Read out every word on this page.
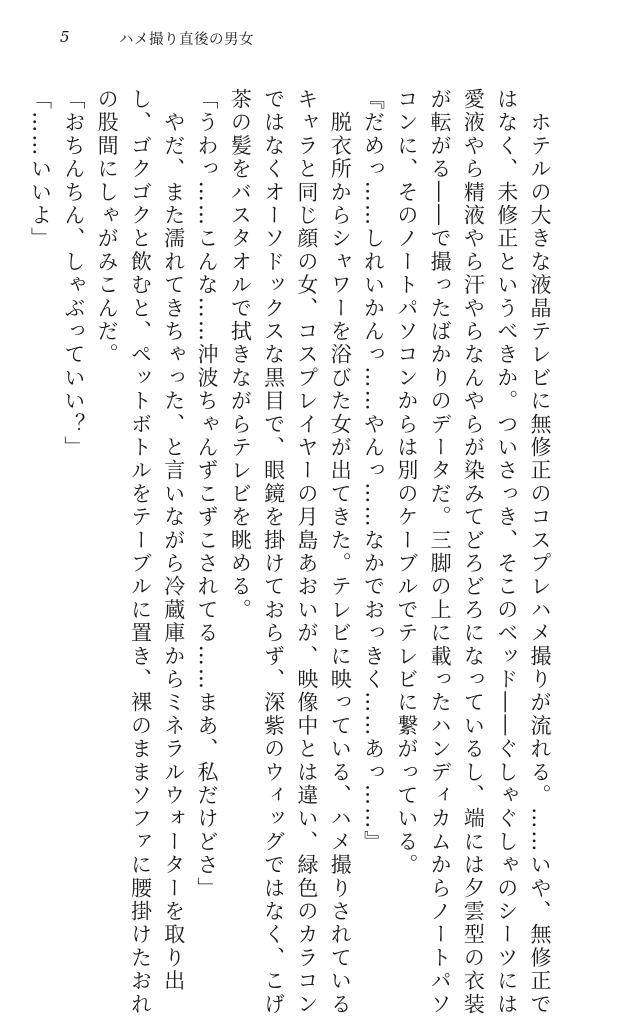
5	ハメ撮り直後の男女

　ホテルの大きな液晶テレビに無修正のコスプレハメ撮りが流れる。……いや、無修正で

はなく、未修正というべきか。ついさっき、そこのベッド――ぐしゃぐしゃのシーツには

愛液やら精液やら汗やらなんやらが染みてどろどろになっているし、端には夕雲型の衣装

が転がる――で撮ったばかりのデータだ。三脚の上に載ったハンディカムからノートパソ

コンに、そのノートパソコンからは別のケーブルでテレビに繋がっている。

『だめっ……しれいかんっ……やんっ……なかでおっきく……あっ……』

　脱衣所からシャワーを浴びた女が出てきた。テレビに映っている、ハメ撮りされている

キャラと同じ顔の女、コスプレイヤーの月島あおいが、映像中とは違い、緑色のカラコン

ではなくオーソドックスな黒目で、眼鏡を掛けておらず、深紫のウィッグではなく、こげ

茶の髪をバスタオルで拭きながらテレビを眺める。

「うわっ……こんな……沖波ちゃんずこずこされてる……まあ、私だけどさ」

　やだ、また濡れてきちゃった、と言いながら冷蔵庫からミネラルウォーターを取り出

し、ゴクゴクと飲むと、ペットボトルをテーブルに置き、裸のままソファに腰掛けたおれ

の股間にしゃがみこんだ。

「おちんちん、しゃぶっていい？」

「……いいよ」
